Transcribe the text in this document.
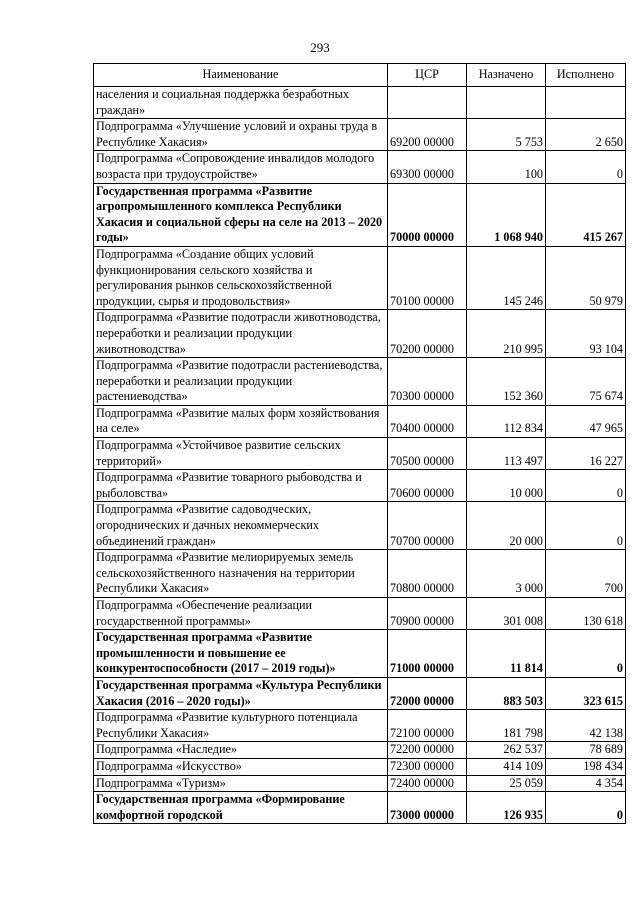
293
Наименование	ЦСР	Назначено	Исполнено
населения и социальная поддержка безработных граждан»			
Подпрограмма «Улучшение условий и охраны труда в Республике Хакасия»	69200 00000	5 753	2 650
Подпрограмма «Сопровождение инвалидов молодого возраста при трудоустройстве»	69300 00000	100	0
Государственная программа «Развитие агропромышленного комплекса Республики Хакасия и социальной сферы на селе на 2013 – 2020 годы»	70000 00000	1 068 940	415 267
Подпрограмма «Создание общих условий функционирования сельского хозяйства и регулирования рынков сельскохозяйственной продукции, сырья и продовольствия»	70100 00000	145 246	50 979
Подпрограмма «Развитие подотрасли животноводства, переработки и реализации продукции животноводства»	70200 00000	210 995	93 104
Подпрограмма «Развитие подотрасли растениеводства, переработки и реализации продукции растениеводства»	70300 00000	152 360	75 674
Подпрограмма «Развитие малых форм хозяйствования на селе»	70400 00000	112 834	47 965
Подпрограмма «Устойчивое развитие сельских территорий»	70500 00000	113 497	16 227
Подпрограмма «Развитие товарного рыбоводства и рыболовства»	70600 00000	10 000	0
Подпрограмма «Развитие садоводческих, огороднических и дачных некоммерческих объединений граждан»	70700 00000	20 000	0
Подпрограмма «Развитие мелиорируемых земель сельскохозяйственного назначения на территории Республики Хакасия»	70800 00000	3 000	700
Подпрограмма «Обеспечение реализации государственной программы»	70900 00000	301 008	130 618
Государственная программа «Развитие промышленности и повышение ее конкурентоспособности (2017 – 2019 годы)»	71000 00000	11 814	0
Государственная программа «Культура Республики Хакасия (2016 – 2020 годы)»	72000 00000	883 503	323 615
Подпрограмма «Развитие культурного потенциала Республики Хакасия»	72100 00000	181 798	42 138
Подпрограмма «Наследие»	72200 00000	262 537	78 689
Подпрограмма «Искусство»	72300 00000	414 109	198 434
Подпрограмма «Туризм»	72400 00000	25 059	4 354
Государственная программа «Формирование комфортной городской	73000 00000	126 935	0
